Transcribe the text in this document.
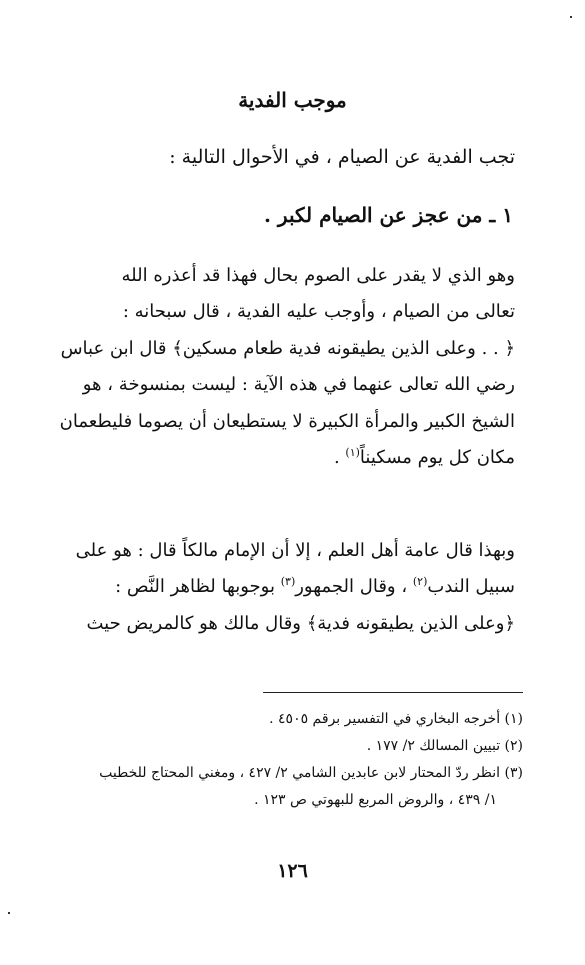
موجب الفدية
تجب الفدية عن الصيام ، في الأحوال التالية :
١ ـ من عجز عن الصيام لكبر .
وهو الذي لا يقدر على الصوم بحال فهذا قد أعذره الله
تعالى من الصيام ، وأوجب عليه الفدية ، قال سبحانه :
﴿ . . وعلى الذين يطيقونه فدية طعام مسكين﴾ قال ابن عباس
رضي الله تعالى عنهما في هذه الآية : ليست بمنسوخة ، هو
الشيخ الكبير والمرأة الكبيرة لا يستطيعان أن يصوما فليطعمان
مكان كل يوم مسكيناً$^{(١)}$ .
وبهذا قال عامة أهل العلم ، إلا أن الإمام مالكاً قال : هو على
سبيل الندب$^{(٢)}$ ، وقال الجمهور$^{(٣)}$ بوجوبها لظاهر النَّص :
﴿وعلى الذين يطيقونه فدية﴾ وقال مالك هو كالمريض حيث
(١) أخرجه البخاري في التفسير برقم ٤٥٠٥ .
(٢) تبيين المسالك ٢/ ١٧٧ .
(٣) انظر ردّ المحتار لابن عابدين الشامي ٢/ ٤٢٧ ، ومغني المحتاج للخطيب
١/ ٤٣٩ ، والروض المربع للبهوتي ص ١٢٣ .
١٢٦
